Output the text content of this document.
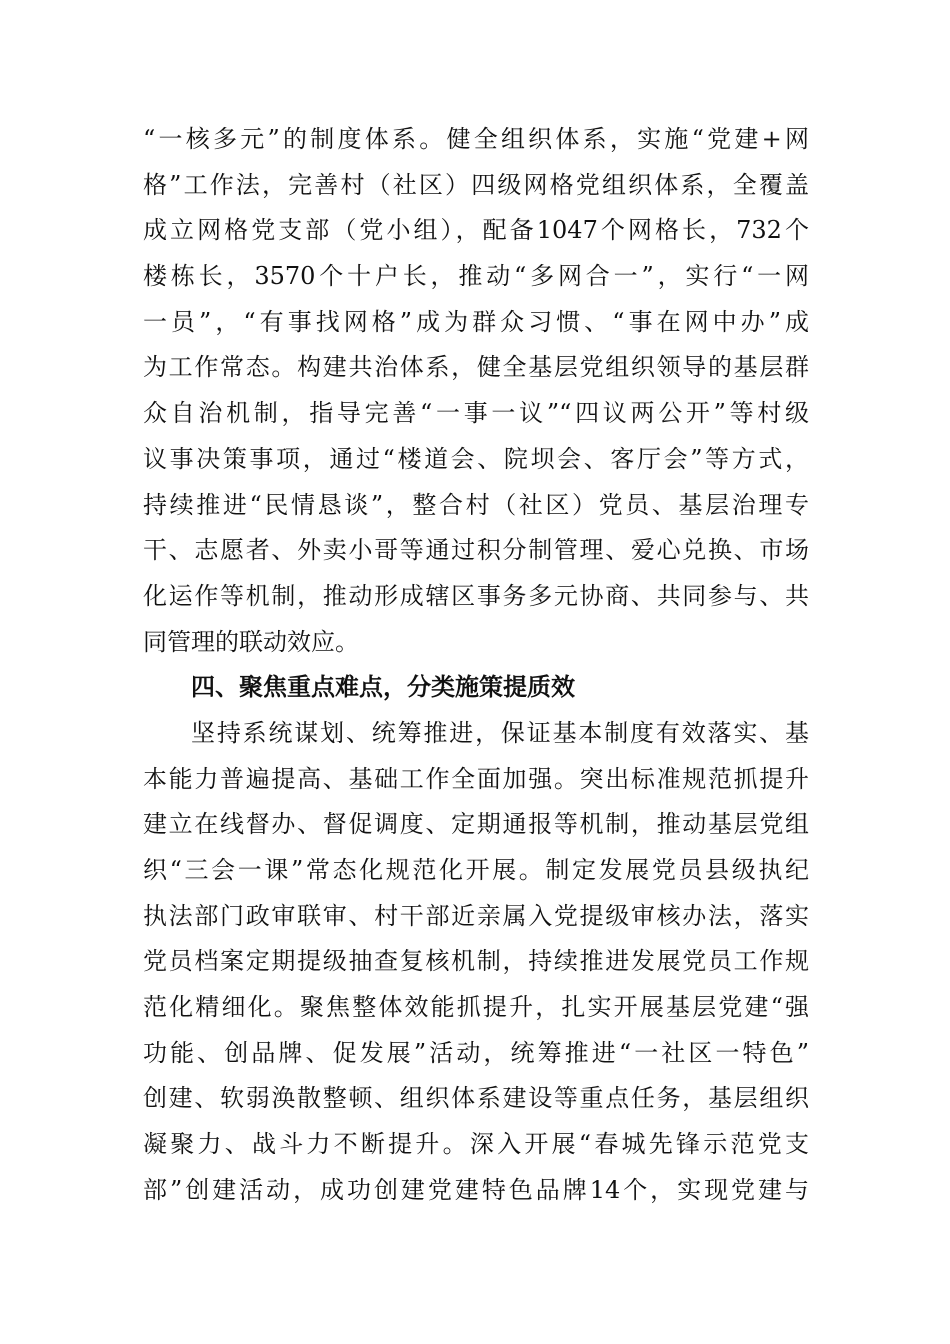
“一核多元”的制度体系。健全组织体系，实施“党建+网
格”工作法，完善村（社区）四级网格党组织体系，全覆盖
成立网格党支部（党小组），配备1047个网格长，732个
楼栋长，3570个十户长，推动“多网合一”，实行“一网
一员”，“有事找网格”成为群众习惯、“事在网中办”成
为工作常态。构建共治体系，健全基层党组织领导的基层群
众自治机制，指导完善“一事一议”“四议两公开”等村级
议事决策事项，通过“楼道会、院坝会、客厅会”等方式，
持续推进“民情恳谈”，整合村（社区）党员、基层治理专
干、志愿者、外卖小哥等通过积分制管理、爱心兑换、市场
化运作等机制，推动形成辖区事务多元协商、共同参与、共
同管理的联动效应。
四、聚焦重点难点，分类施策提质效
坚持系统谋划、统筹推进，保证基本制度有效落实、基
本能力普遍提高、基础工作全面加强。突出标准规范抓提升
建立在线督办、督促调度、定期通报等机制，推动基层党组
织“三会一课”常态化规范化开展。制定发展党员县级执纪
执法部门政审联审、村干部近亲属入党提级审核办法，落实
党员档案定期提级抽查复核机制，持续推进发展党员工作规
范化精细化。聚焦整体效能抓提升，扎实开展基层党建“强
功能、创品牌、促发展”活动，统筹推进“一社区一特色”
创建、软弱涣散整顿、组织体系建设等重点任务，基层组织
凝聚力、战斗力不断提升。深入开展“春城先锋示范党支
部”创建活动，成功创建党建特色品牌14个，实现党建与
